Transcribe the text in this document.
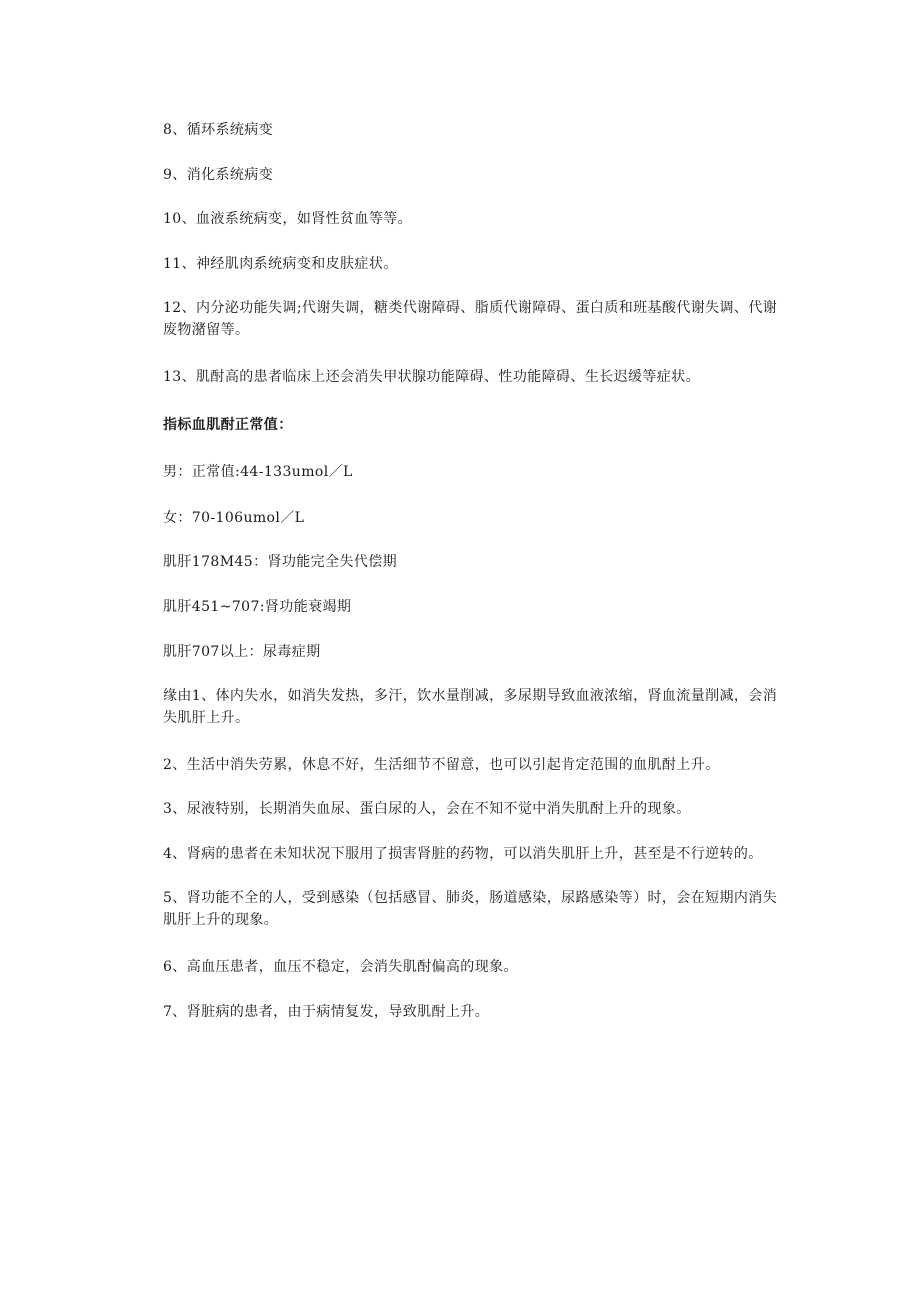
8、循环系统病变

9、消化系统病变

10、血液系统病变，如肾性贫血等等。

11、神经肌肉系统病变和皮肤症状。

12、内分泌功能失调;代谢失调，糖类代谢障碍、脂质代谢障碍、蛋白质和班基酸代谢失调、代谢废物潴留等。

13、肌酎高的患者临床上还会消失甲状腺功能障碍、性功能障碍、生长迟缓等症状。

指标血肌酎正常值：

男：正常值:44-133umol／L

女：70-106umol／L

肌肝178M45：肾功能完全失代偿期

肌肝451~707:肾功能衰竭期

肌肝707以上：尿毒症期

缘由1、体内失水，如消失发热，多汗，饮水量削减，多尿期导致血液浓缩，肾血流量削减，会消失肌肝上升。

2、生活中消失劳累，休息不好，生活细节不留意，也可以引起肯定范围的血肌酎上升。

3、尿液特别，长期消失血尿、蛋白尿的人，会在不知不觉中消失肌酎上升的现象。

4、肾病的患者在未知状况下服用了损害肾脏的药物，可以消失肌肝上升，甚至是不行逆转的。

5、肾功能不全的人，受到感染（包括感冒、肺炎，肠道感染，尿路感染等）时，会在短期内消失肌肝上升的现象。

6、高血压患者，血压不稳定，会消失肌酎偏高的现象。

7、肾脏病的患者，由于病情复发，导致肌酎上升。
